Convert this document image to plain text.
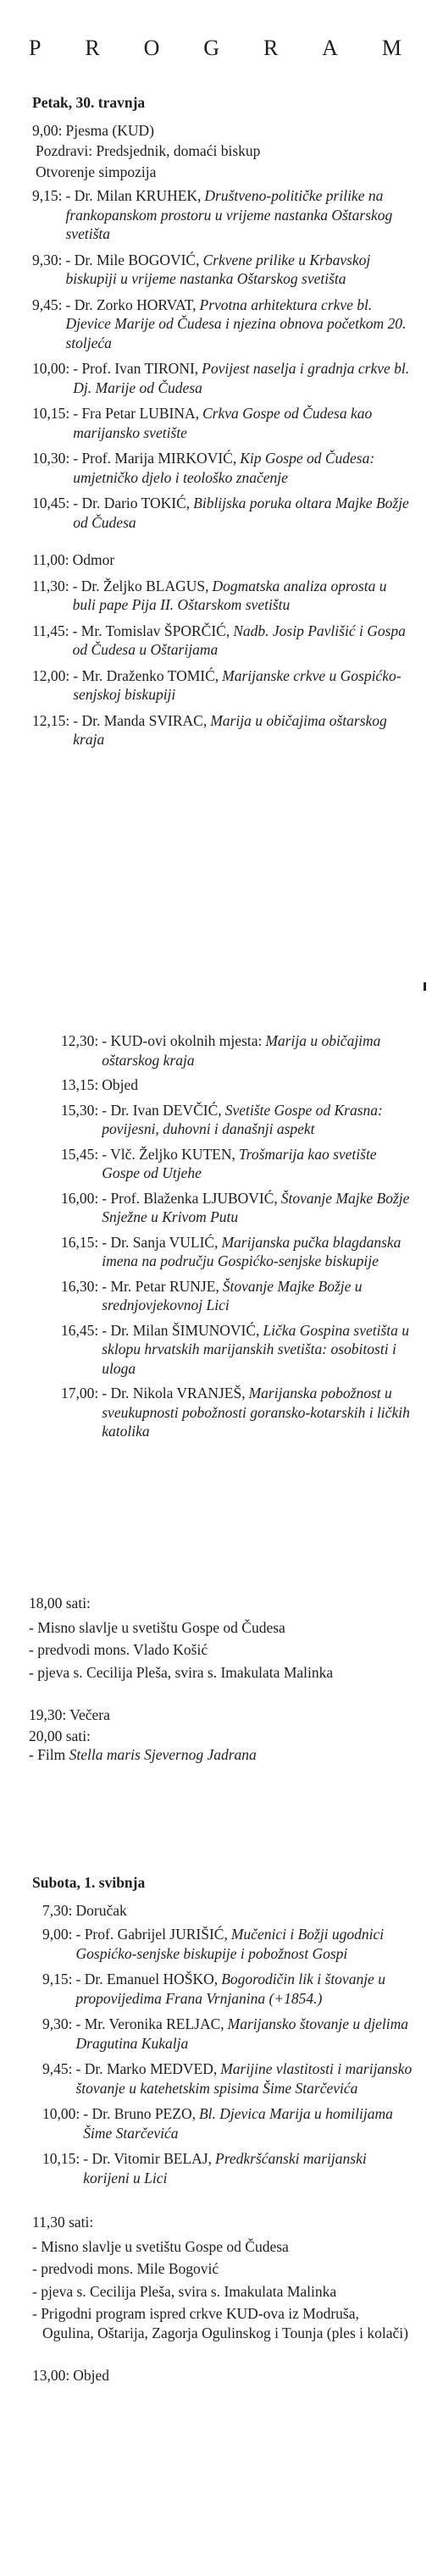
P R O G R A M
Petak, 30. travnja
9,00: Pjesma (KUD)
Pozdravi: Predsjednik, domaći biskup
Otvorenje simpozija
9,15: - Dr. Milan KRUHEK, Društveno-političke prilike na frankopanskom prostoru u vrijeme nastanka Oštarskog svetišta
9,30: - Dr. Mile BOGOVIĆ, Crkvene prilike u Krbavskoj biskupiji u vrijeme nastanka Oštarskog svetišta
9,45: - Dr. Zorko HORVAT, Prvotna arhitektura crkve bl. Djevice Marije od Čudesa i njezina obnova početkom 20. stoljeća
10,00: - Prof. Ivan TIRONI, Povijest naselja i gradnja crkve bl. Dj. Marije od Čudesa
10,15: - Fra Petar LUBINA, Crkva Gospe od Čudesa kao marijansko svetište
10,30: - Prof. Marija MIRKOVIĆ, Kip Gospe od Čudesa: umjetničko djelo i teološko značenje
10,45: - Dr. Dario TOKIĆ, Biblijska poruka oltara Majke Božje od Čudesa
11,00: Odmor
11,30: - Dr. Željko BLAGUS, Dogmatska analiza oprosta u buli pape Pija II. Oštarskom svetištu
11,45: - Mr. Tomislav ŠPORČIĆ, Nadb. Josip Pavlišić i Gospa od Čudesa u Oštarijama
12,00: - Mr. Draženko TOMIĆ, Marijanske crkve u Gospićko-senjskoj biskupiji
12,15: - Dr. Manda SVIRAC, Marija u običajima oštarskog kraja
12,30: - KUD-ovi okolnih mjesta: Marija u običajima oštarskog kraja
13,15: Objed
15,30: - Dr. Ivan DEVČIĆ, Svetište Gospe od Krasna: povijesni, duhovni i današnji aspekt
15,45: - Vlč. Željko KUTEN, Trošmarija kao svetište Gospe od Utjehe
16,00: - Prof. Blaženka LJUBOVIĆ, Štovanje Majke Božje Snježne u Krivom Putu
16,15: - Dr. Sanja VULIĆ, Marijanska pučka blagdanska imena na području Gospićko-senjske biskupije
16,30: - Mr. Petar RUNJE, Štovanje Majke Božje u srednjovjekovnoj Lici
16,45: - Dr. Milan ŠIMUNOVIĆ, Lička Gospina svetišta u sklopu hrvatskih marijanskih svetišta: osobitosti i uloga
17,00: - Dr. Nikola VRANJEŠ, Marijanska pobožnost u sveukupnosti pobožnosti goransko-kotarskih i ličkih katolika
18,00 sati:
- Misno slavlje u svetištu Gospe od Čudesa
- predvodi mons. Vlado Košić
- pjeva s. Cecilija Pleša, svira s. Imakulata Malinka
19,30: Večera
20,00 sati:
- Film Stella maris Sjevernog Jadrana
Subota, 1. svibnja
7,30: Doručak
9,00: - Prof. Gabrijel JURIŠIĆ, Mučenici i Božji ugodnici Gospićko-senjske biskupije i pobožnost Gospi
9,15: - Dr. Emanuel HOŠKO, Bogorodičin lik i štovanje u propovijedima Frana Vrnjanina (+1854.)
9,30: - Mr. Veronika RELJAC, Marijansko štovanje u djelima Dragutina Kukalja
9,45: - Dr. Marko MEDVED, Marijine vlastitosti i marijansko štovanje u katehetskim spisima Šime Starčevića
10,00: - Dr. Bruno PEZO, Bl. Djevica Marija u homilijama Šime Starčevića
10,15: - Dr. Vitomir BELAJ, Predkršćanski marijanski korijeni u Lici
11,30 sati:
- Misno slavlje u svetištu Gospe od Čudesa
- predvodi mons. Mile Bogović
- pjeva s. Cecilija Pleša, svira s. Imakulata Malinka
- Prigodni program ispred crkve KUD-ova iz Modruša, Ogulina, Oštarija, Zagorja Ogulinskog i Tounja (ples i kolači)
13,00: Objed
